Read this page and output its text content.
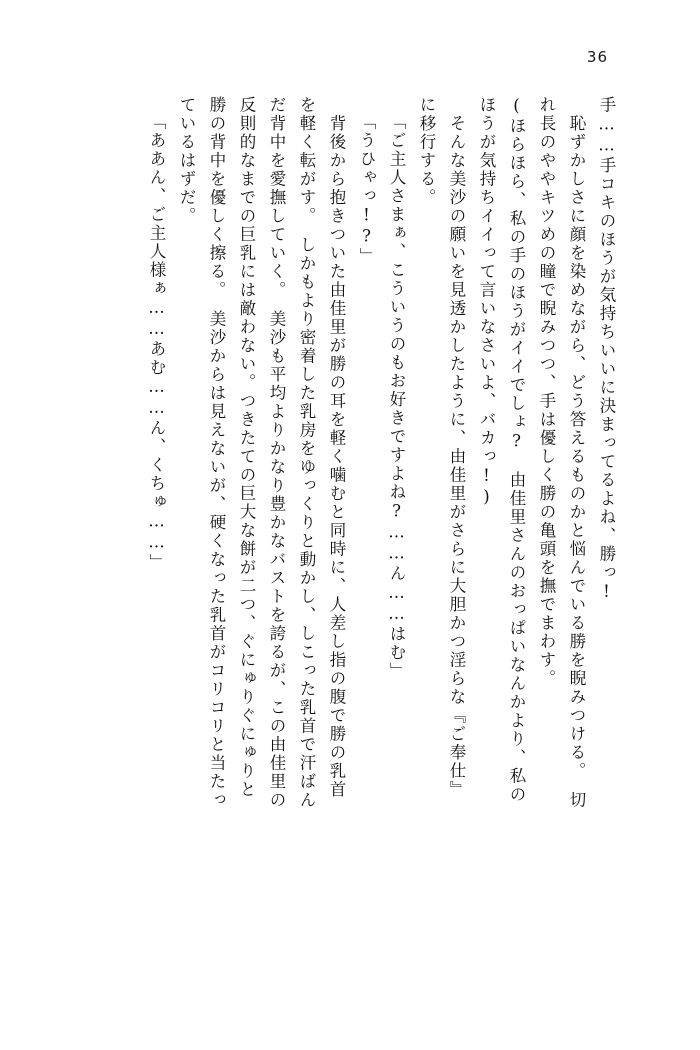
36
手……手コキのほうが気持ちいいに決まってるよね、勝っ!
　恥ずかしさに顔を染めながら、どう答えるものかと悩んでいる勝を睨みつける。　切
れ長のややキツめの瞳で睨みつつ、手は優しく勝の亀頭を撫でまわす。
(ほらほら、私の手のほうがイイでしょ?　由佳里さんのおっぱいなんかより、私の
ほうが気持ちイイって言いなさいよ、バカっ!)
　そんな美沙の願いを見透かしたように、由佳里がさらに大胆かつ淫らな『ご奉仕』
に移行する。
「ご主人さまぁ、こういうのもお好きですよね?……ん……はむ」
「うひゃっ!?」
　背後から抱きついた由佳里が勝の耳を軽く噛むと同時に、人差し指の腹で勝の乳首
を軽く転がす。　しかもより密着した乳房をゆっくりと動かし、しこった乳首で汗ばん
だ背中を愛撫していく。　美沙も平均よりかなり豊かなバストを誇るが、この由佳里の
反則的なまでの巨乳には敵わない。つきたての巨大な餅が二つ、ぐにゅりぐにゅりと
勝の背中を優しく擦る。　美沙からは見えないが、硬くなった乳首がコリコリと当たっ
ているはずだ。
「ああん、ご主人様ぁ……あむ……ん、くちゅ……」
